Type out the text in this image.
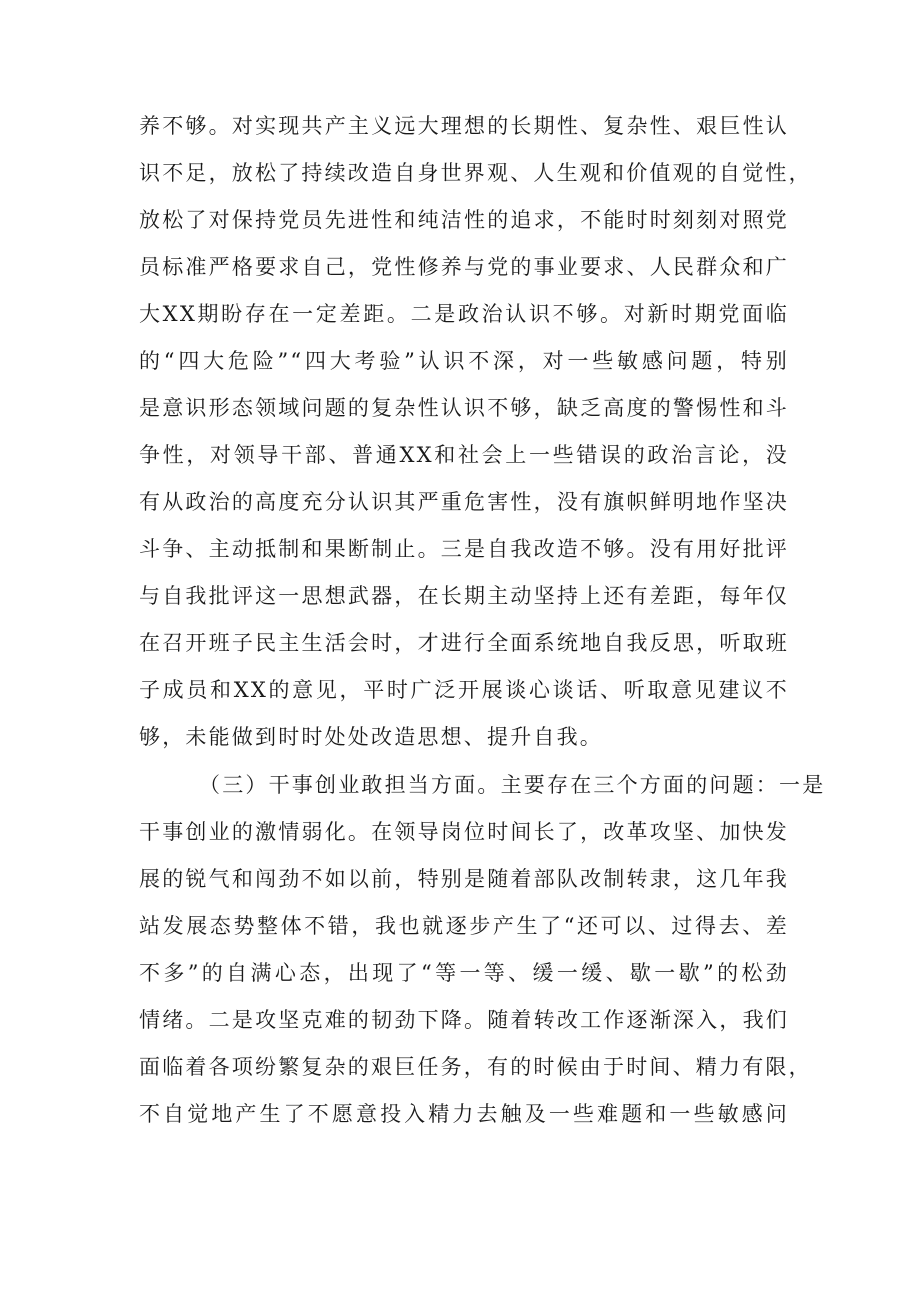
养不够。对实现共产主义远大理想的长期性、复杂性、艰巨性认
识不足，放松了持续改造自身世界观、人生观和价值观的自觉性，
放松了对保持党员先进性和纯洁性的追求，不能时时刻刻对照党
员标准严格要求自己，党性修养与党的事业要求、人民群众和广
大XX期盼存在一定差距。二是政治认识不够。对新时期党面临
的“四大危险”“四大考验”认识不深，对一些敏感问题，特别
是意识形态领域问题的复杂性认识不够，缺乏高度的警惕性和斗
争性，对领导干部、普通XX和社会上一些错误的政治言论，没
有从政治的高度充分认识其严重危害性，没有旗帜鲜明地作坚决
斗争、主动抵制和果断制止。三是自我改造不够。没有用好批评
与自我批评这一思想武器，在长期主动坚持上还有差距，每年仅
在召开班子民主生活会时，才进行全面系统地自我反思，听取班
子成员和XX的意见，平时广泛开展谈心谈话、听取意见建议不
够，未能做到时时处处改造思想、提升自我。
（三）干事创业敢担当方面。主要存在三个方面的问题：一是
干事创业的激情弱化。在领导岗位时间长了，改革攻坚、加快发
展的锐气和闯劲不如以前，特别是随着部队改制转隶，这几年我
站发展态势整体不错，我也就逐步产生了“还可以、过得去、差
不多”的自满心态，出现了“等一等、缓一缓、歇一歇”的松劲
情绪。二是攻坚克难的韧劲下降。随着转改工作逐渐深入，我们
面临着各项纷繁复杂的艰巨任务，有的时候由于时间、精力有限，
不自觉地产生了不愿意投入精力去触及一些难题和一些敏感问
